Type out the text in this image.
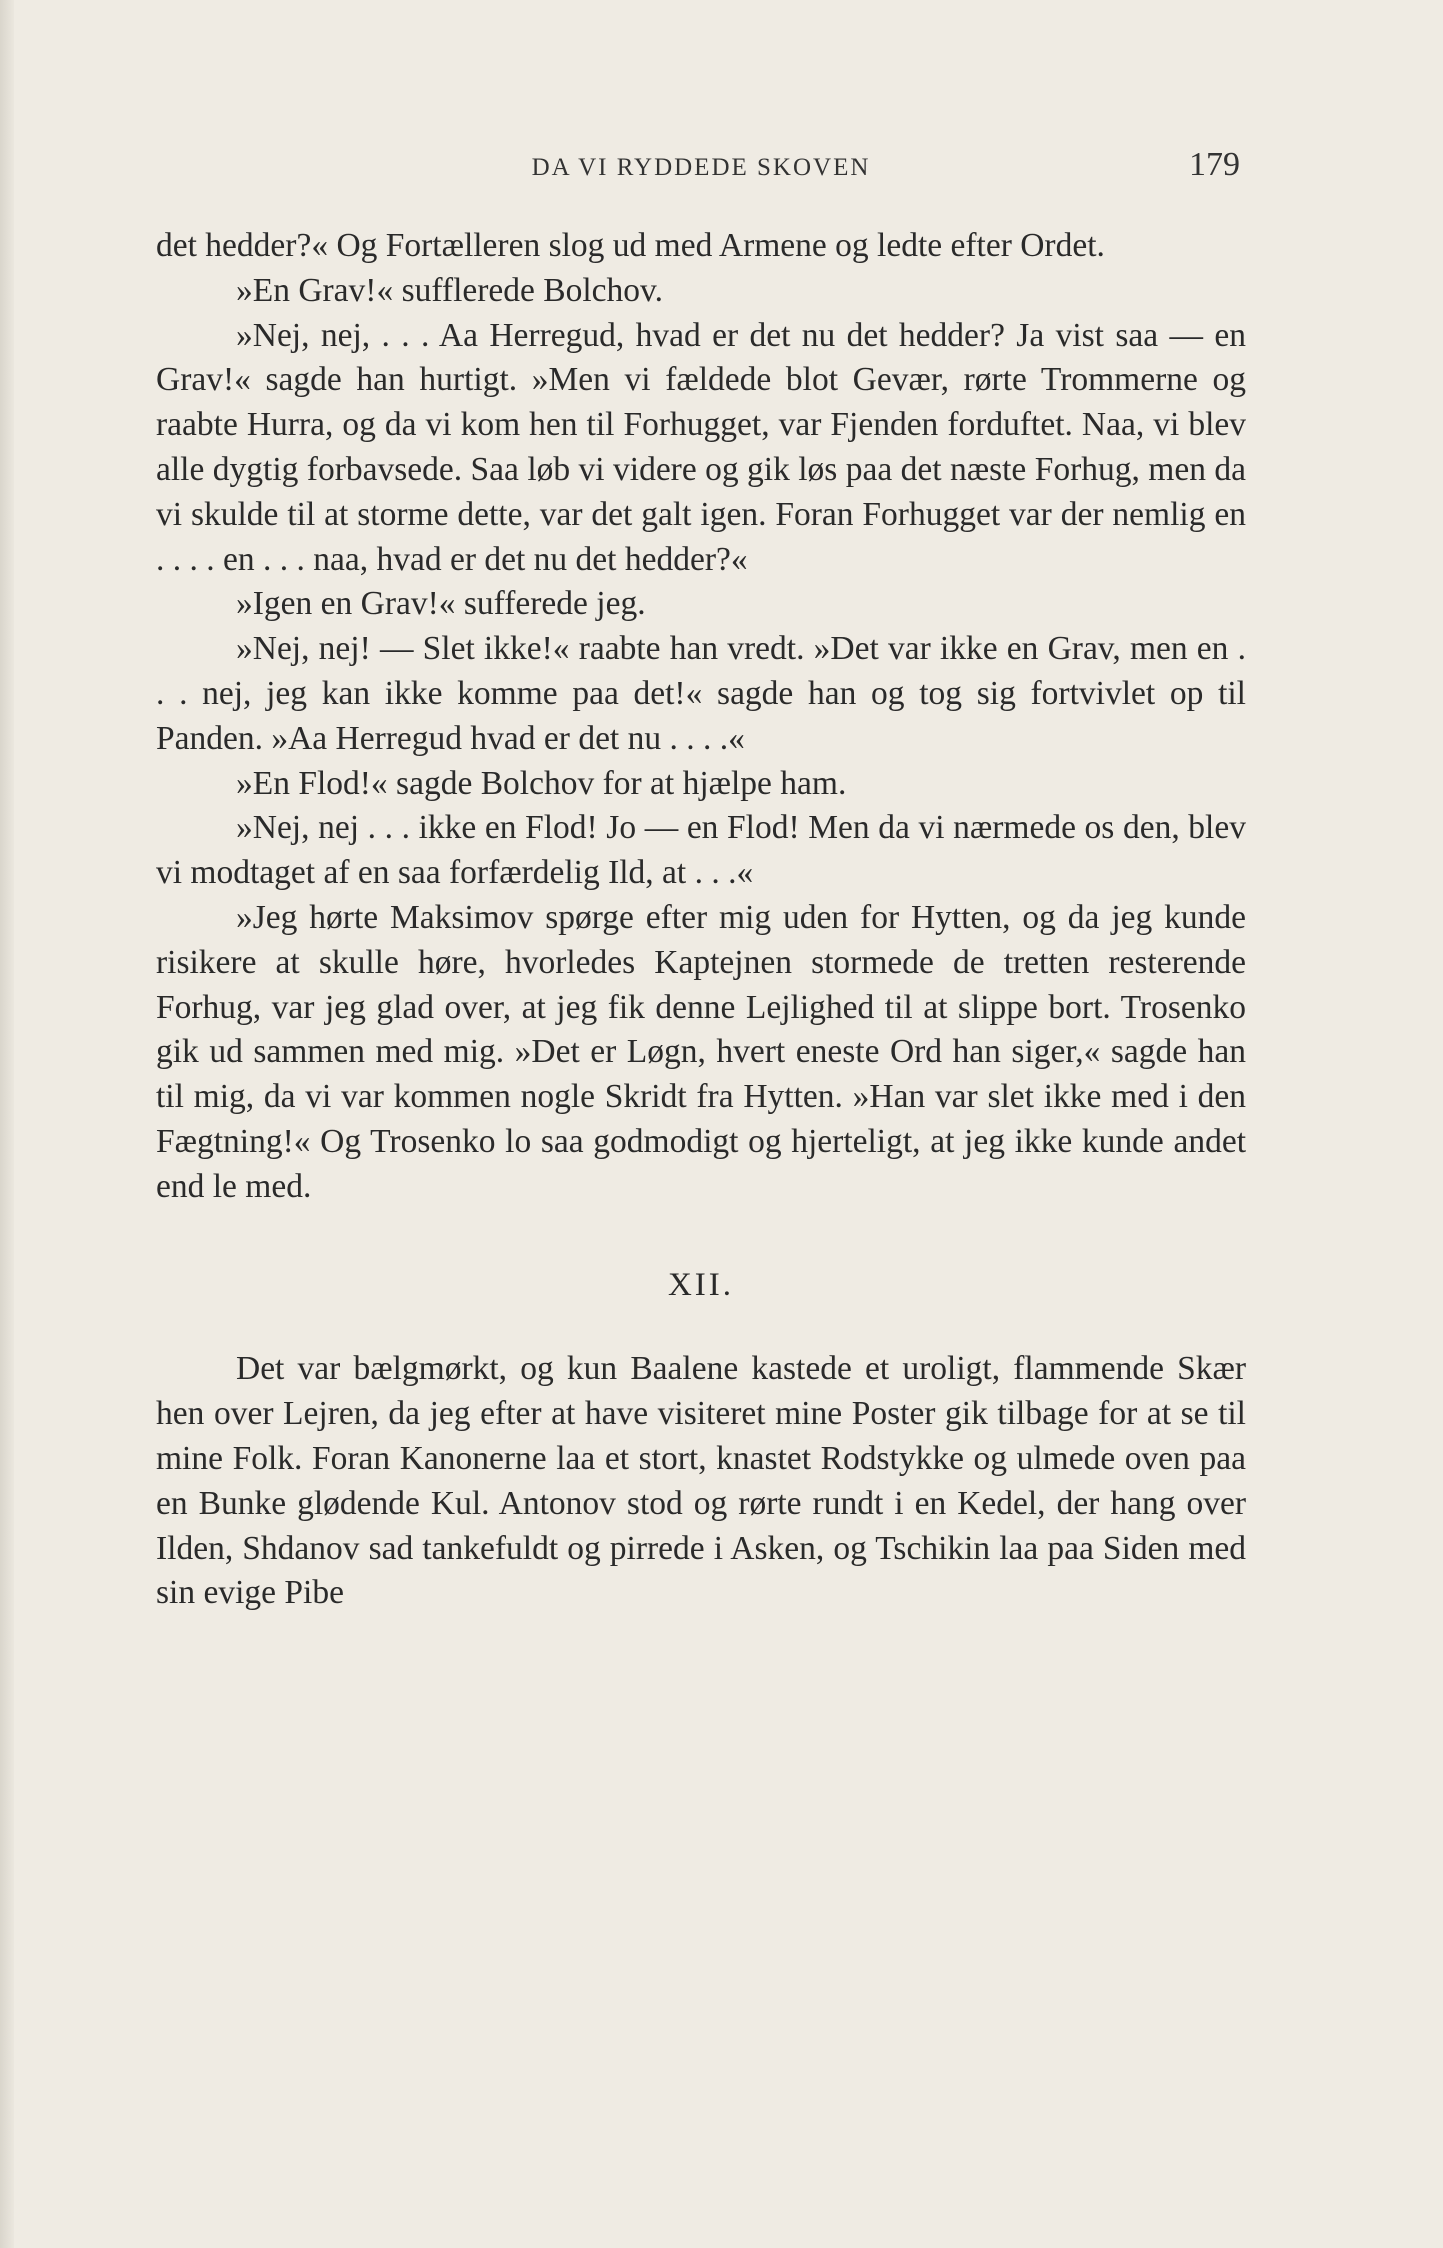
DA VI RYDDEDE SKOVEN	179

det hedder?« Og Fortælleren slog ud med Armene og ledte efter Ordet.

»En Grav!« sufflerede Bolchov.

»Nej, nej, . . . Aa Herregud, hvad er det nu det hedder? Ja vist saa — en Grav!« sagde han hurtigt. »Men vi fældede blot Gevær, rørte Trommerne og raabte Hurra, og da vi kom hen til Forhugget, var Fjenden forduftet. Naa, vi blev alle dygtig forbavsede. Saa løb vi videre og gik løs paa det næste Forhug, men da vi skulde til at storme dette, var det galt igen. Foran Forhugget var der nemlig en . . . . en . . . naa, hvad er det nu det hedder?«

»Igen en Grav!« sufferede jeg.

»Nej, nej! — Slet ikke!« raabte han vredt. »Det var ikke en Grav, men en . . . nej, jeg kan ikke komme paa det!« sagde han og tog sig fortvivlet op til Panden. »Aa Herregud hvad er det nu . . . .«

»En Flod!« sagde Bolchov for at hjælpe ham.

»Nej, nej . . . ikke en Flod! Jo — en Flod! Men da vi nærmede os den, blev vi modtaget af en saa forfærdelig Ild, at . . .«

»Jeg hørte Maksimov spørge efter mig uden for Hytten, og da jeg kunde risikere at skulle høre, hvorledes Kaptejnen stormede de tretten resterende Forhug, var jeg glad over, at jeg fik denne Lejlighed til at slippe bort. Trosenko gik ud sammen med mig. »Det er Løgn, hvert eneste Ord han siger,« sagde han til mig, da vi var kommen nogle Skridt fra Hytten. »Han var slet ikke med i den Fægtning!« Og Trosenko lo saa godmodigt og hjerteligt, at jeg ikke kunde andet end le med.

XII.

Det var bælgmørkt, og kun Baalene kastede et uroligt, flammende Skær hen over Lejren, da jeg efter at have visiteret mine Poster gik tilbage for at se til mine Folk. Foran Kanonerne laa et stort, knastet Rodstykke og ulmede oven paa en Bunke glødende Kul. Antonov stod og rørte rundt i en Kedel, der hang over Ilden, Shdanov sad tankefuldt og pirrede i Asken, og Tschikin laa paa Siden med sin evige Pibe
